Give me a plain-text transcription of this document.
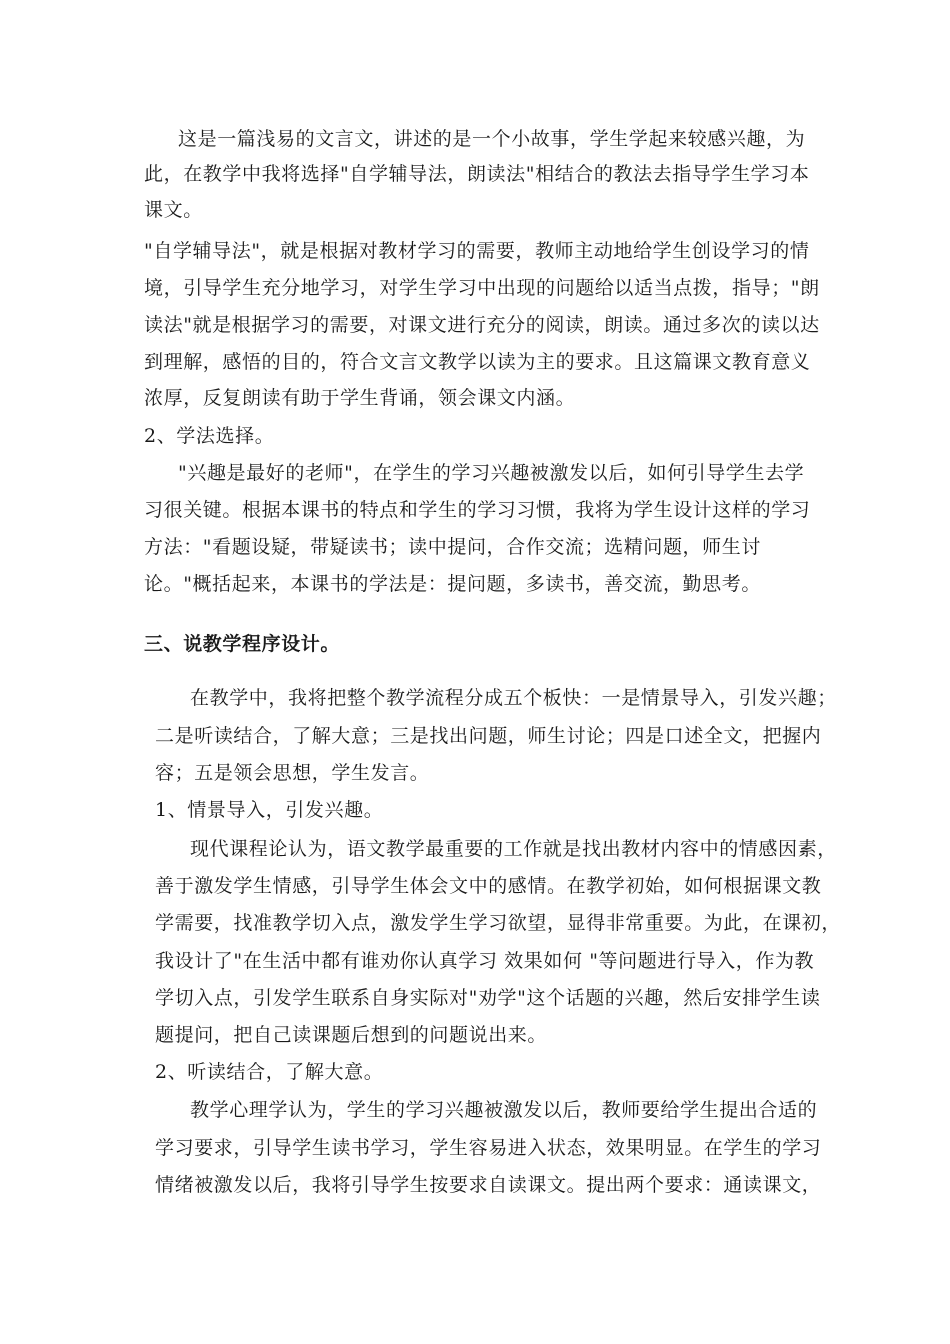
这是一篇浅易的文言文，讲述的是一个小故事，学生学起来较感兴趣，为
此，在教学中我将选择"自学辅导法，朗读法"相结合的教法去指导学生学习本
课文。
"自学辅导法"，就是根据对教材学习的需要，教师主动地给学生创设学习的情
境，引导学生充分地学习，对学生学习中出现的问题给以适当点拨，指导；"朗
读法"就是根据学习的需要，对课文进行充分的阅读，朗读。通过多次的读以达
到理解，感悟的目的，符合文言文教学以读为主的要求。且这篇课文教育意义
浓厚，反复朗读有助于学生背诵，领会课文内涵。
2、学法选择。
"兴趣是最好的老师"，在学生的学习兴趣被激发以后，如何引导学生去学
习很关键。根据本课书的特点和学生的学习习惯，我将为学生设计这样的学习
方法："看题设疑，带疑读书；读中提问，合作交流；选精问题，师生讨
论。"概括起来，本课书的学法是：提问题，多读书，善交流，勤思考。
三、说教学程序设计。
在教学中，我将把整个教学流程分成五个板快：一是情景导入，引发兴趣；
二是听读结合，了解大意；三是找出问题，师生讨论；四是口述全文，把握内
容；五是领会思想，学生发言。
1、情景导入，引发兴趣。
现代课程论认为，语文教学最重要的工作就是找出教材内容中的情感因素，
善于激发学生情感，引导学生体会文中的感情。在教学初始，如何根据课文教
学需要，找准教学切入点，激发学生学习欲望，显得非常重要。为此，在课初，
我设计了"在生活中都有谁劝你认真学习 效果如何 "等问题进行导入，作为教
学切入点，引发学生联系自身实际对"劝学"这个话题的兴趣，然后安排学生读
题提问，把自己读课题后想到的问题说出来。
2、听读结合，了解大意。
教学心理学认为，学生的学习兴趣被激发以后，教师要给学生提出合适的
学习要求，引导学生读书学习，学生容易进入状态，效果明显。在学生的学习
情绪被激发以后，我将引导学生按要求自读课文。提出两个要求：通读课文，
